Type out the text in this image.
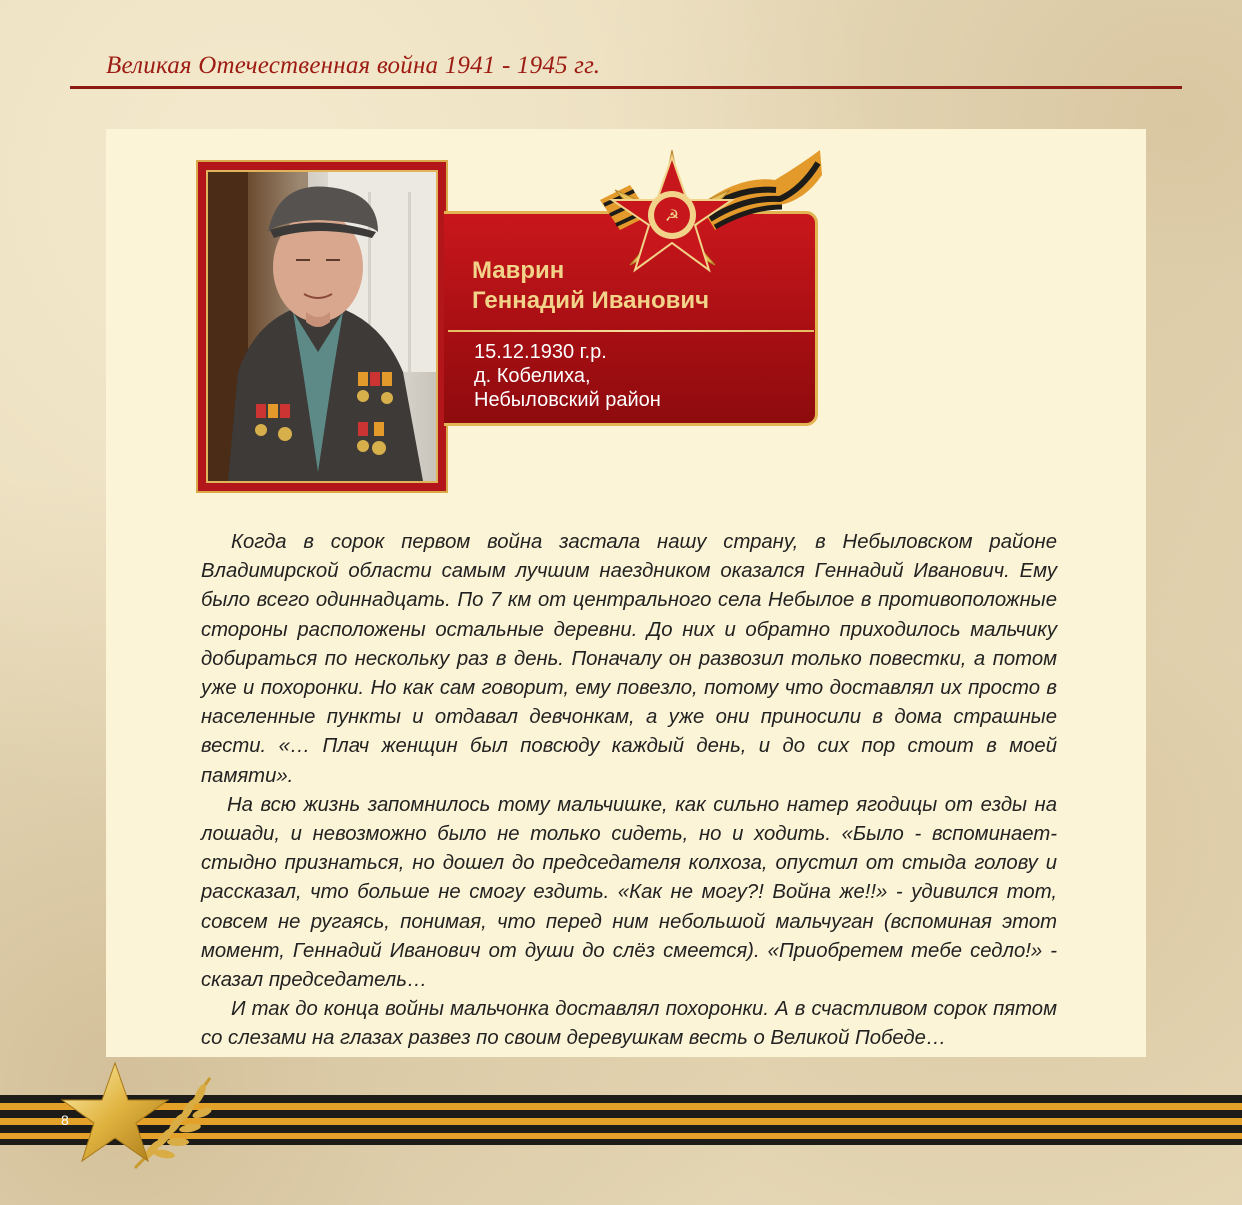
Великая Отечественная война 1941 - 1945 гг.
Маврин
Геннадий Иванович
15.12.1930 г.р.
д. Кобелиха,
Небыловский район
☭

Когда в сорок первом война застала нашу страну, в Небыловском районе Владимирской области самым лучшим наездником оказался Геннадий Иванович. Ему было всего одиннадцать. По 7 км от центрального села Небылое в противоположные стороны расположены остальные деревни. До них и обратно приходилось мальчику добираться по нескольку раз в день. Поначалу он развозил только повестки, а потом уже и похоронки. Но как сам говорит, ему повезло, потому что доставлял их просто в населенные пункты и отдавал девчонкам, а уже они приносили в дома страшные вести. «… Плач женщин был повсюду каждый день, и до сих пор стоит в моей памяти».

На всю жизнь запомнилось тому мальчишке, как сильно натер ягодицы от езды на лошади, и невозможно было не только сидеть, но и ходить. «Было - вспоминает- стыдно признаться, но дошел до председателя колхоза, опустил от стыда голову и рассказал, что больше не смогу ездить. «Как не могу?! Война же!!» - удивился тот, совсем не ругаясь, понимая, что перед ним небольшой мальчуган (вспоминая этот момент, Геннадий Иванович от души до слёз смеется). «Приобретем тебе седло!» - сказал председатель…

И так до конца войны мальчонка доставлял похоронки. А в счастливом сорок пятом со слезами на глазах развез по своим деревушкам весть о Великой Победе…

8
